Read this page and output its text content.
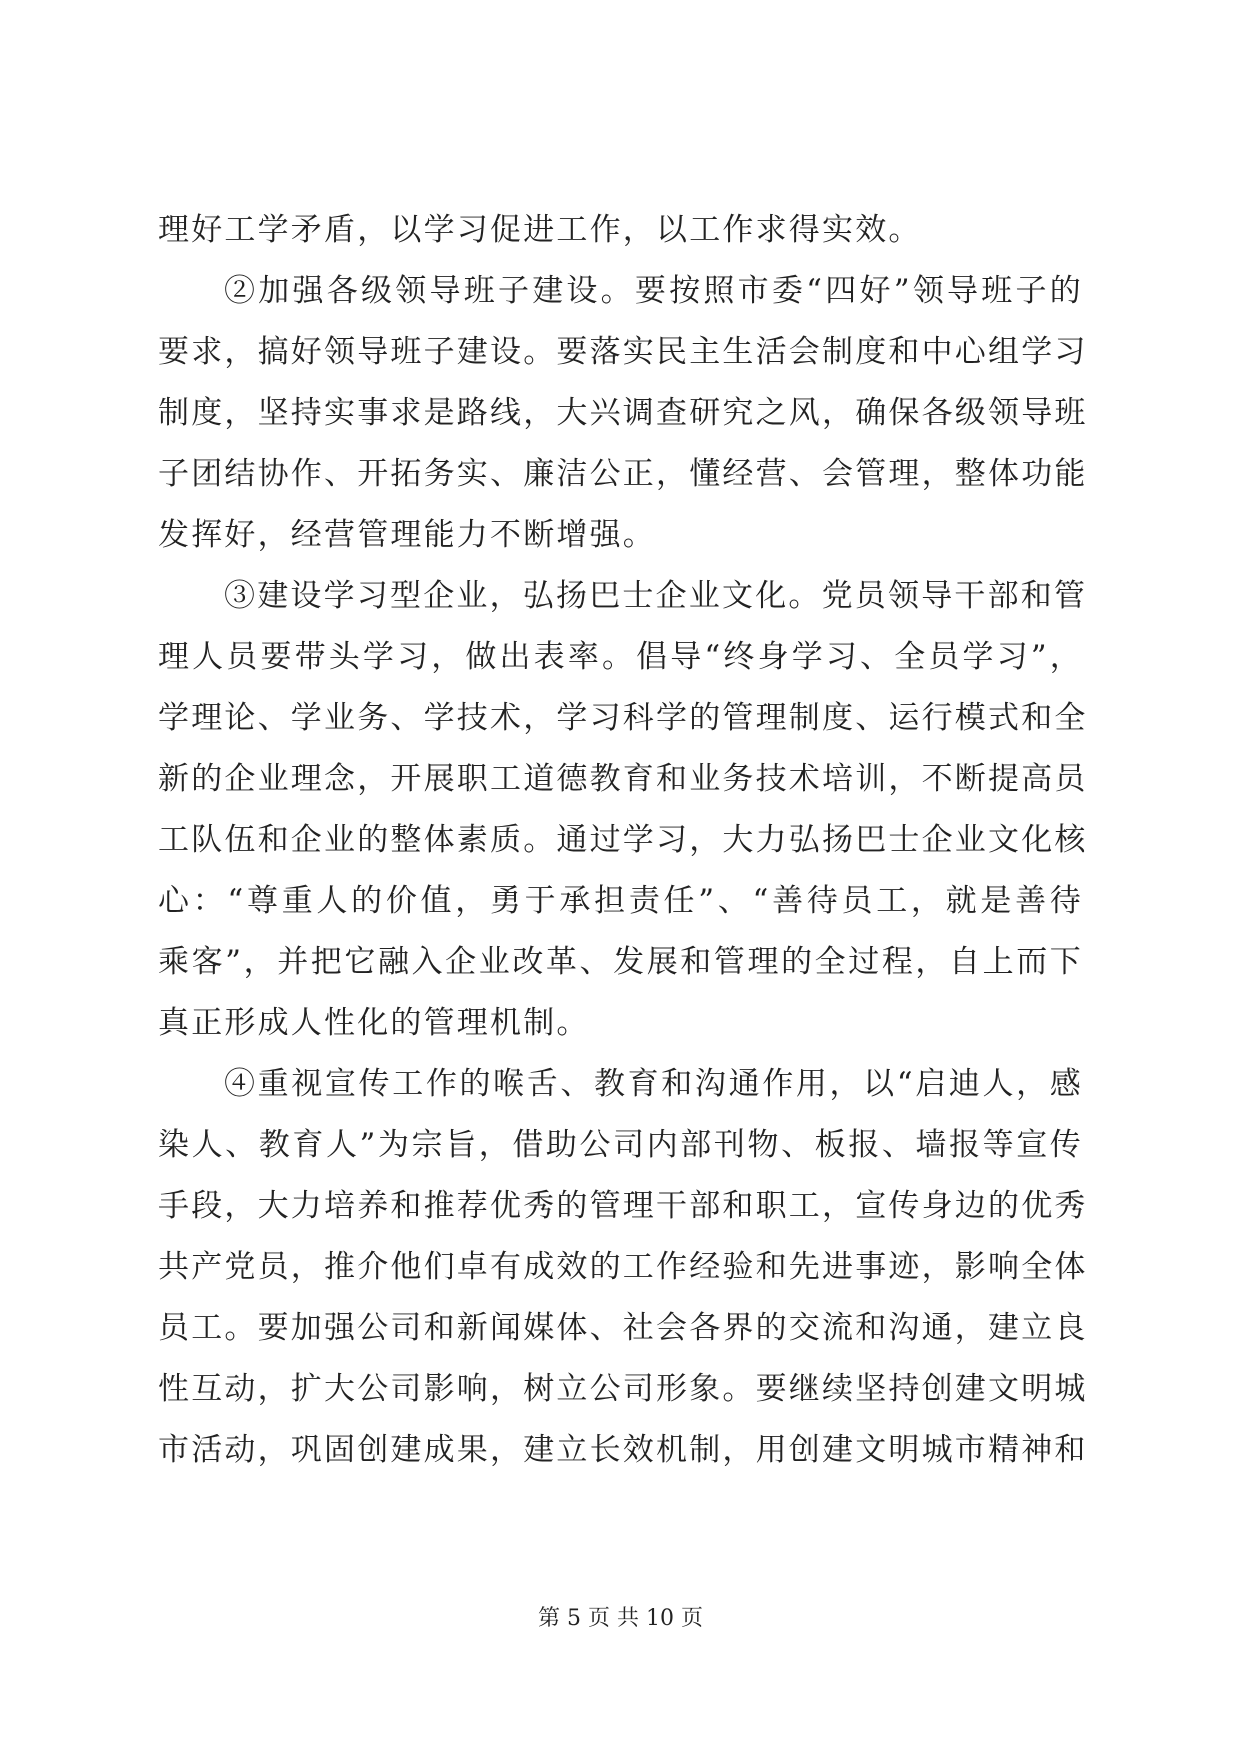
理好工学矛盾，以学习促进工作，以工作求得实效。
②加强各级领导班子建设。要按照市委“四好”领导班子的
要求，搞好领导班子建设。要落实民主生活会制度和中心组学习
制度，坚持实事求是路线，大兴调查研究之风，确保各级领导班
子团结协作、开拓务实、廉洁公正，懂经营、会管理，整体功能
发挥好，经营管理能力不断增强。
③建设学习型企业，弘扬巴士企业文化。党员领导干部和管
理人员要带头学习，做出表率。倡导“终身学习、全员学习”，
学理论、学业务、学技术，学习科学的管理制度、运行模式和全
新的企业理念，开展职工道德教育和业务技术培训，不断提高员
工队伍和企业的整体素质。通过学习，大力弘扬巴士企业文化核
心：“尊重人的价值，勇于承担责任”、“善待员工，就是善待
乘客”，并把它融入企业改革、发展和管理的全过程，自上而下
真正形成人性化的管理机制。
④重视宣传工作的喉舌、教育和沟通作用，以“启迪人，感
染人、教育人”为宗旨，借助公司内部刊物、板报、墙报等宣传
手段，大力培养和推荐优秀的管理干部和职工，宣传身边的优秀
共产党员，推介他们卓有成效的工作经验和先进事迹，影响全体
员工。要加强公司和新闻媒体、社会各界的交流和沟通，建立良
性互动，扩大公司影响，树立公司形象。要继续坚持创建文明城
市活动，巩固创建成果，建立长效机制，用创建文明城市精神和
第 5 页 共 10 页
